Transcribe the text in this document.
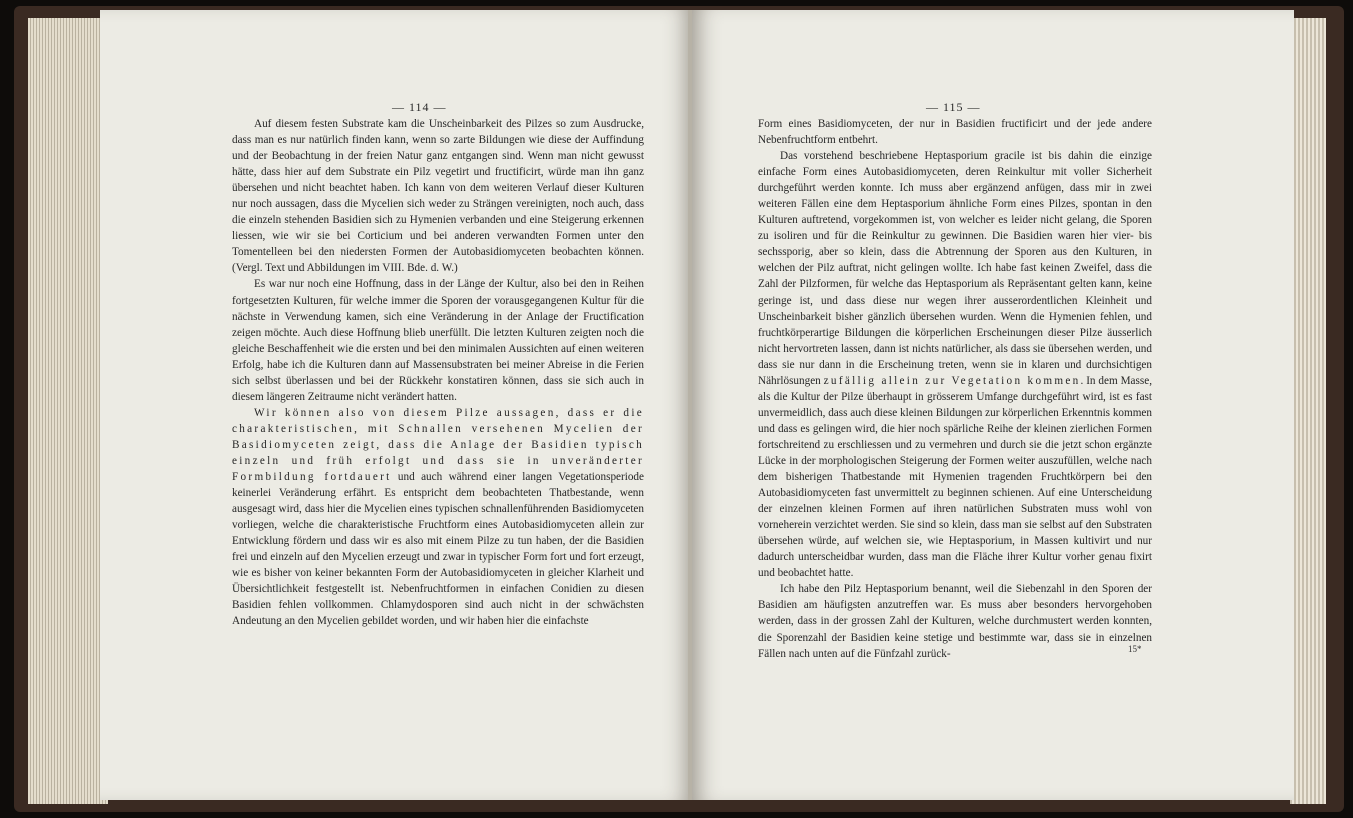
— 114 —

Auf diesem festen Substrate kam die Unscheinbarkeit des Pilzes so zum Ausdrucke, dass man es nur natürlich finden kann, wenn so zarte Bildungen wie diese der Auffindung und der Beobachtung in der freien Natur ganz entgangen sind. Wenn man nicht gewusst hätte, dass hier auf dem Substrate ein Pilz vegetirt und fructificirt, würde man ihn ganz übersehen und nicht beachtet haben. Ich kann von dem weiteren Verlauf dieser Kulturen nur noch aussagen, dass die Mycelien sich weder zu Strängen vereinigten, noch auch, dass die einzeln stehenden Basidien sich zu Hymenien verbanden und eine Steigerung erkennen liessen, wie wir sie bei Corticium und bei anderen verwandten Formen unter den Tomentelleen bei den niedersten Formen der Autobasidiomyceten beobachten können. (Vergl. Text und Abbildungen im VIII. Bde. d. W.)

Es war nur noch eine Hoffnung, dass in der Länge der Kultur, also bei den in Reihen fortgesetzten Kulturen, für welche immer die Sporen der vorausgegangenen Kultur für die nächste in Verwendung kamen, sich eine Veränderung in der Anlage der Fructification zeigen möchte. Auch diese Hoffnung blieb unerfüllt. Die letzten Kulturen zeigten noch die gleiche Beschaffenheit wie die ersten und bei den minimalen Aussichten auf einen weiteren Erfolg, habe ich die Kulturen dann auf Massensubstraten bei meiner Abreise in die Ferien sich selbst überlassen und bei der Rückkehr konstatiren können, dass sie sich auch in diesem längeren Zeitraume nicht verändert hatten.

Wir können also von diesem Pilze aussagen, dass er die charakteristischen, mit Schnallen versehenen Mycelien der Basidiomyceten zeigt, dass die Anlage der Basidien typisch einzeln und früh erfolgt und dass sie in unveränderter Formbildung fortdauert und auch während einer langen Vegetationsperiode keinerlei Veränderung erfährt. Es entspricht dem beobachteten Thatbestande, wenn ausgesagt wird, dass hier die Mycelien eines typischen schnallenführenden Basidiomyceten vorliegen, welche die charakteristische Fruchtform eines Autobasidiomyceten allein zur Entwicklung fördern und dass wir es also mit einem Pilze zu tun haben, der die Basidien frei und einzeln auf den Mycelien erzeugt und zwar in typischer Form fort und fort erzeugt, wie es bisher von keiner bekannten Form der Autobasidiomyceten in gleicher Klarheit und Übersichtlichkeit festgestellt ist. Nebenfruchtformen in einfachen Conidien zu diesen Basidien fehlen vollkommen. Chlamydosporen sind auch nicht in der schwächsten Andeutung an den Mycelien gebildet worden, und wir haben hier die einfachste

— 115 —

Form eines Basidiomyceten, der nur in Basidien fructificirt und der jede andere Nebenfruchtform entbehrt.

Das vorstehend beschriebene Heptasporium gracile ist bis dahin die einzige einfache Form eines Autobasidiomyceten, deren Reinkultur mit voller Sicherheit durchgeführt werden konnte. Ich muss aber ergänzend anfügen, dass mir in zwei weiteren Fällen eine dem Heptasporium ähnliche Form eines Pilzes, spontan in den Kulturen auftretend, vorgekommen ist, von welcher es leider nicht gelang, die Sporen zu isoliren und für die Reinkultur zu gewinnen. Die Basidien waren hier vier- bis sechssporig, aber so klein, dass die Abtrennung der Sporen aus den Kulturen, in welchen der Pilz auftrat, nicht gelingen wollte. Ich habe fast keinen Zweifel, dass die Zahl der Pilzformen, für welche das Heptasporium als Repräsentant gelten kann, keine geringe ist, und dass diese nur wegen ihrer ausserordentlichen Kleinheit und Unscheinbarkeit bisher gänzlich übersehen wurden. Wenn die Hymenien fehlen, und fruchtkörperartige Bildungen die körperlichen Erscheinungen dieser Pilze äusserlich nicht hervortreten lassen, dann ist nichts natürlicher, als dass sie übersehen werden, und dass sie nur dann in die Erscheinung treten, wenn sie in klaren und durchsichtigen Nährlösungen zufällig allein zur Vegetation kommen. In dem Masse, als die Kultur der Pilze überhaupt in grösserem Umfange durchgeführt wird, ist es fast unvermeidlich, dass auch diese kleinen Bildungen zur körperlichen Erkenntnis kommen und dass es gelingen wird, die hier noch spärliche Reihe der kleinen zierlichen Formen fortschreitend zu erschliessen und zu vermehren und durch sie die jetzt schon ergänzte Lücke in der morphologischen Steigerung der Formen weiter auszufüllen, welche nach dem bisherigen Thatbestande mit Hymenien tragenden Fruchtkörpern bei den Autobasidiomyceten fast unvermittelt zu beginnen schienen. Auf eine Unterscheidung der einzelnen kleinen Formen auf ihren natürlichen Substraten muss wohl von vorneherein verzichtet werden. Sie sind so klein, dass man sie selbst auf den Substraten übersehen würde, auf welchen sie, wie Heptasporium, in Massen kultivirt und nur dadurch unterscheidbar wurden, dass man die Fläche ihrer Kultur vorher genau fixirt und beobachtet hatte.

Ich habe den Pilz Heptasporium benannt, weil die Siebenzahl in den Sporen der Basidien am häufigsten anzutreffen war. Es muss aber besonders hervorgehoben werden, dass in der grossen Zahl der Kulturen, welche durchmustert werden konnten, die Sporenzahl der Basidien keine stetige und bestimmte war, dass sie in einzelnen Fällen nach unten auf die Fünfzahl zurück-	15*
